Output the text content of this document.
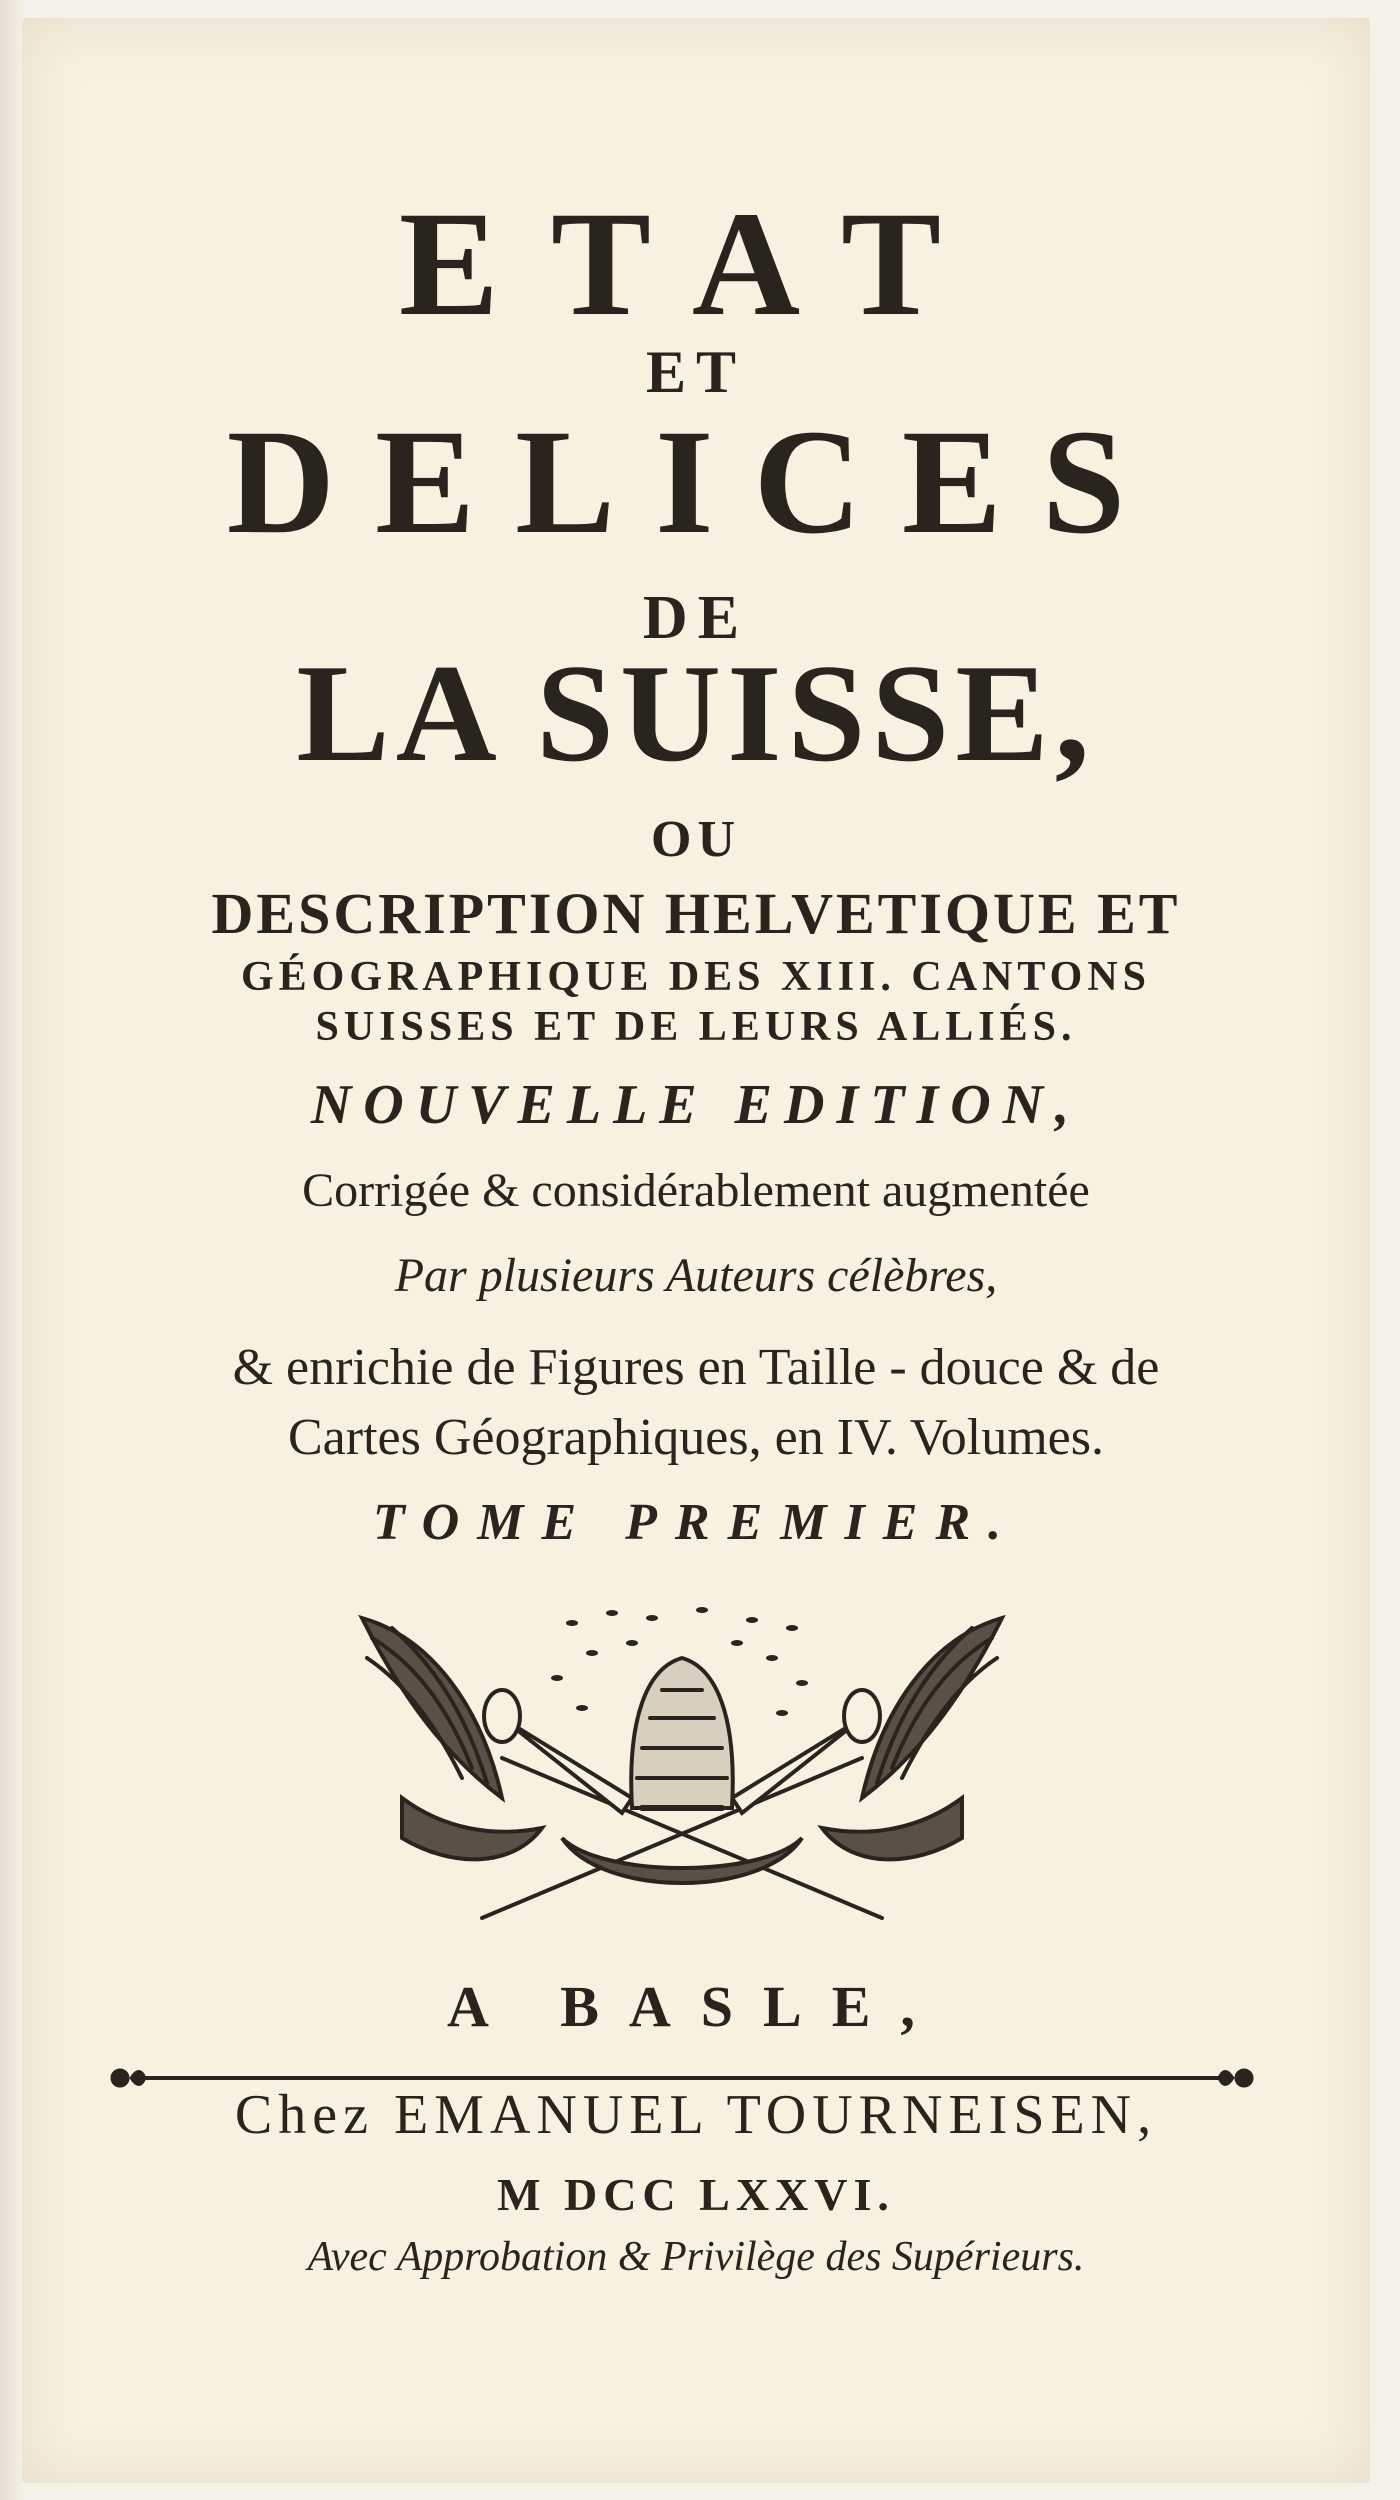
ETAT
ET
DELICES
DE
LA SUISSE,
OU
DESCRIPTION HELVETIQUE ET
GÉOGRAPHIQUE DES XIII. CANTONS
SUISSES ET DE LEURS ALLIÉS.
NOUVELLE EDITION,
Corrigée & considérablement augmentée
Par plusieurs Auteurs célèbres,
& enrichie de Figures en Taille - douce & de
Cartes Géographiques, en IV. Volumes.
TOME PREMIER.
A BASLE,
Chez EMANUEL TOURNEISEN,
M DCC LXXVI.
Avec Approbation & Privilège des Supérieurs.
